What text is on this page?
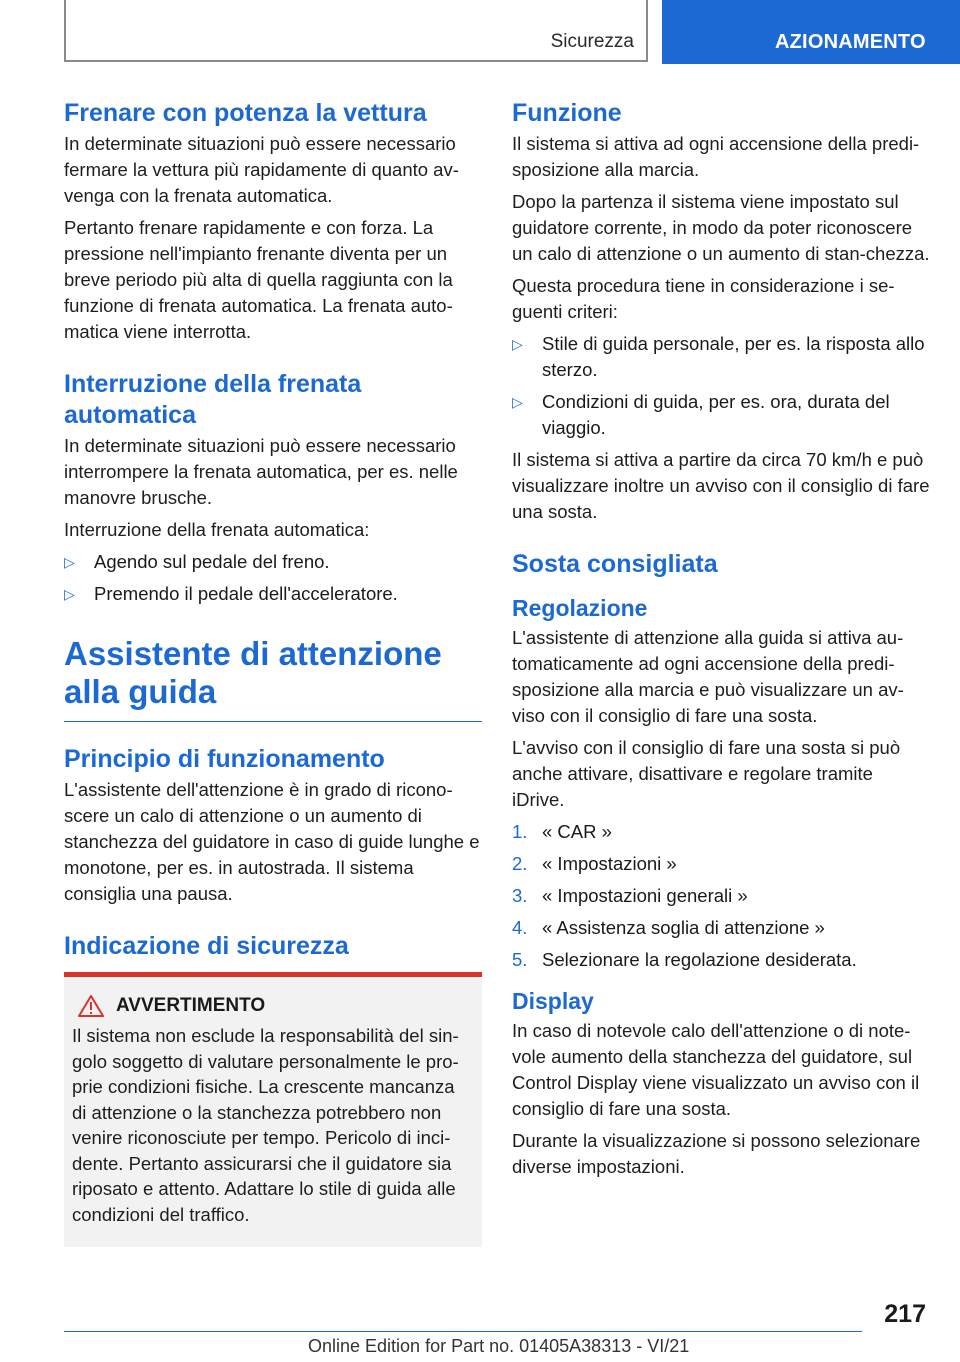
Sicurezza	AZIONAMENTO
Frenare con potenza la vettura

In determinate situazioni può essere necessario fermare la vettura più rapidamente di quanto av-venga con la frenata automatica.

Pertanto frenare rapidamente e con forza. La pressione nell'impianto frenante diventa per un breve periodo più alta di quella raggiunta con la funzione di frenata automatica. La frenata auto-matica viene interrotta.

Interruzione della frenata automatica

In determinate situazioni può essere necessario interrompere la frenata automatica, per es. nelle manovre brusche.

Interruzione della frenata automatica:

▷ Agendo sul pedale del freno.
▷ Premendo il pedale dell'acceleratore.
Assistente di attenzione alla guida
Principio di funzionamento

L'assistente dell'attenzione è in grado di ricono-scere un calo di attenzione o un aumento di stanchezza del guidatore in caso di guide lunghe e monotone, per es. in autostrada. Il sistema consiglia una pausa.

Indicazione di sicurezza
AVVERTIMENTO

Il sistema non esclude la responsabilità del sin-golo soggetto di valutare personalmente le pro-prie condizioni fisiche. La crescente mancanza di attenzione o la stanchezza potrebbero non venire riconosciute per tempo. Pericolo di inci-dente. Pertanto assicurarsi che il guidatore sia riposato e attento. Adattare lo stile di guida alle condizioni del traffico.

Funzione

Il sistema si attiva ad ogni accensione della predi-sposizione alla marcia.

Dopo la partenza il sistema viene impostato sul guidatore corrente, in modo da poter riconoscere un calo di attenzione o un aumento di stan-chezza.

Questa procedura tiene in considerazione i se-guenti criteri:

▷ Stile di guida personale, per es. la risposta allo sterzo.
▷ Condizioni di guida, per es. ora, durata del viaggio.

Il sistema si attiva a partire da circa 70 km/h e può visualizzare inoltre un avviso con il consiglio di fare una sosta.

Sosta consigliata
Regolazione

L'assistente di attenzione alla guida si attiva au-tomaticamente ad ogni accensione della predi-sposizione alla marcia e può visualizzare un av-viso con il consiglio di fare una sosta.

L'avviso con il consiglio di fare una sosta si può anche attivare, disattivare e regolare tramite iDrive.

1. « CAR »
2. « Impostazioni »
3. « Impostazioni generali »
4. « Assistenza soglia di attenzione »
5. Selezionare la regolazione desiderata.
Display

In caso di notevole calo dell'attenzione o di note-vole aumento della stanchezza del guidatore, sul Control Display viene visualizzato un avviso con il consiglio di fare una sosta.

Durante la visualizzazione si possono selezionare diverse impostazioni.

217
Online Edition for Part no. 01405A38313 - VI/21
